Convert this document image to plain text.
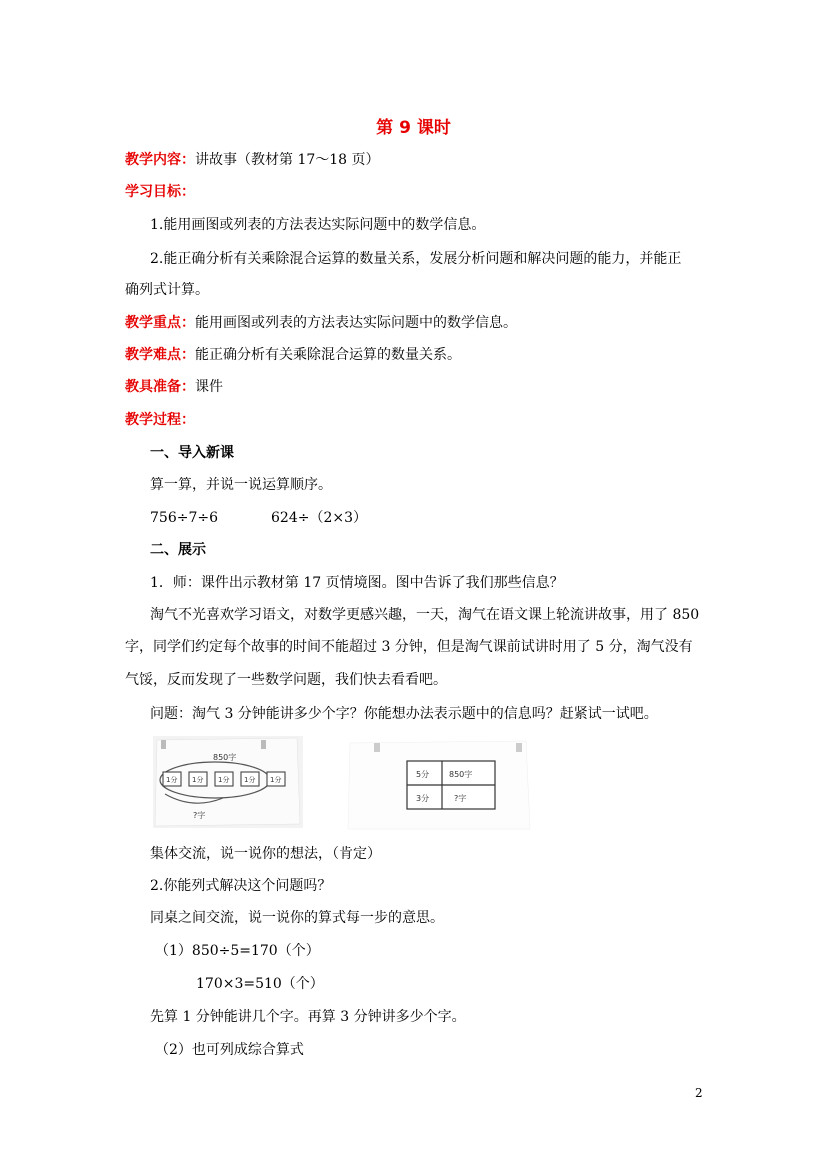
第 9 课时
教学内容：讲故事（教材第 17～18 页）
学习目标：
1.能用画图或列表的方法表达实际问题中的数学信息。
2.能正确分析有关乘除混合运算的数量关系，发展分析问题和解决问题的能力，并能正
确列式计算。
教学重点：能用画图或列表的方法表达实际问题中的数学信息。
教学难点：能正确分析有关乘除混合运算的数量关系。
教具准备：课件
教学过程：
一、导入新课
算一算，并说一说运算顺序。
756÷7÷6	624÷（2×3）
二、展示
1．师：课件出示教材第 17 页情境图。图中告诉了我们那些信息？
淘气不光喜欢学习语文，对数学更感兴趣，一天，淘气在语文课上轮流讲故事，用了 850
字，同学们约定每个故事的时间不能超过 3 分钟，但是淘气课前试讲时用了 5 分，淘气没有
气馁，反而发现了一些数学问题，我们快去看看吧。
问题：淘气 3 分钟能讲多少个字？你能想办法表示题中的信息吗？赶紧试一试吧。
850字
1分 1分 1分 1分 1分
?字
5分 850字
3分	?字
集体交流，说一说你的想法，（肯定）
2.你能列式解决这个问题吗？
同桌之间交流，说一说你的算式每一步的意思。
（1）850÷5=170（个）
170×3=510（个）
先算 1 分钟能讲几个字。再算 3 分钟讲多少个字。
（2）也可列成综合算式
2
